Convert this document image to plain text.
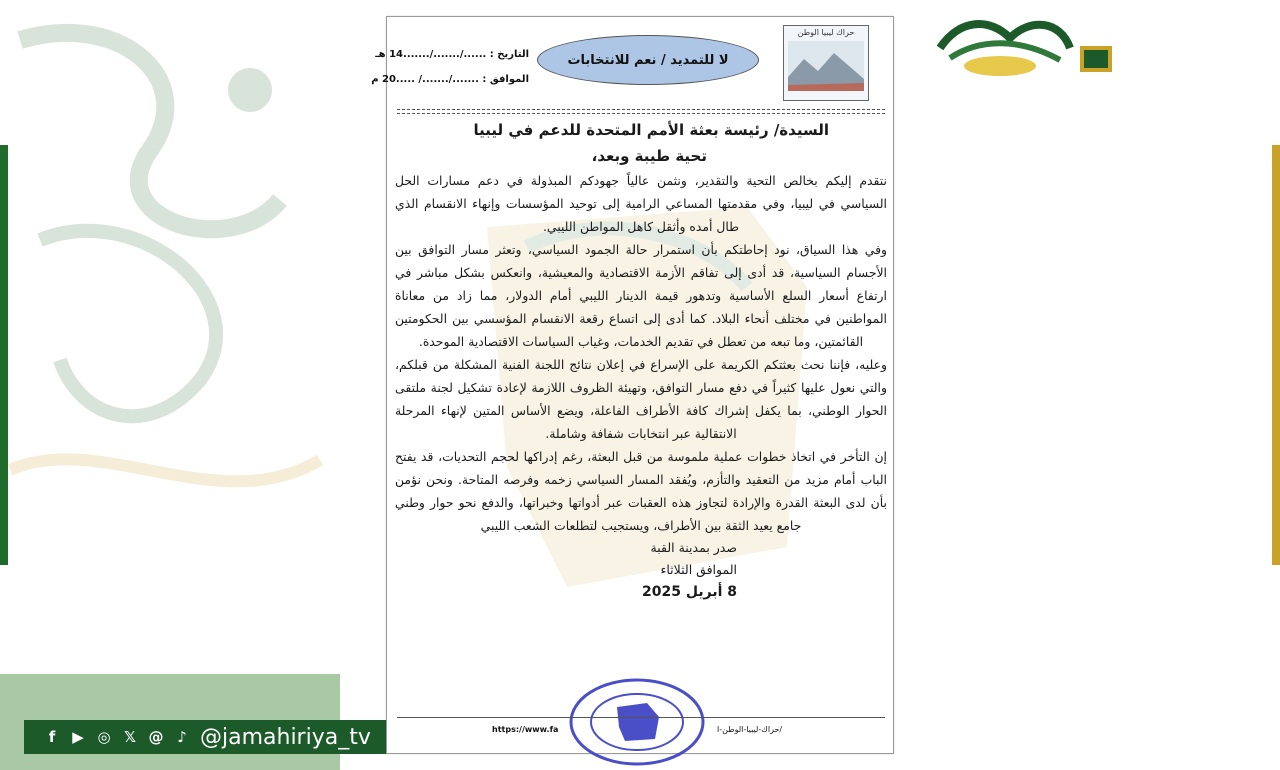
f	▶ ◎ 𝕏 @ ♪ @jamahiriya_tv
التاريخ : ....../......./.......14 هـ
الموافق : ......./......./ .....20 م
لا للتمديد / نعم للانتخابات
حراك ليبيا الوطن
السيدة/ رئيسة بعثة الأمم المتحدة للدعم في ليبيا
تحية طيبة وبعد،

نتقدم إليكم بخالص التحية والتقدير، ونثمن عالياً جهودكم المبذولة في دعم مسارات الحل السياسي في ليبيا، وفي مقدمتها المساعي الرامية إلى توحيد المؤسسات وإنهاء الانقسام الذي طال أمده وأثقل كاهل المواطن الليبي.

وفي هذا السياق، نود إحاطتكم بأن استمرار حالة الجمود السياسي، وتعثر مسار التوافق بين الأجسام السياسية، قد أدى إلى تفاقم الأزمة الاقتصادية والمعيشية، وانعكس بشكل مباشر في ارتفاع أسعار السلع الأساسية وتدهور قيمة الدينار الليبي أمام الدولار، مما زاد من معاناة المواطنين في مختلف أنحاء البلاد. كما أدى إلى اتساع رقعة الانقسام المؤسسي بين الحكومتين القائمتين، وما تبعه من تعطل في تقديم الخدمات، وغياب السياسات الاقتصادية الموحدة.

وعليه، فإننا نحث بعثتكم الكريمة على الإسراع في إعلان نتائج اللجنة الفنية المشكلة من قبلكم، والتي نعول عليها كثيراً في دفع مسار التوافق، وتهيئة الظروف اللازمة لإعادة تشكيل لجنة ملتقى الحوار الوطني، بما يكفل إشراك كافة الأطراف الفاعلة، ويضع الأساس المتين لإنهاء المرحلة الانتقالية عبر انتخابات شفافة وشاملة.

إن التأخر في اتخاذ خطوات عملية ملموسة من قبل البعثة، رغم إدراكها لحجم التحديات، قد يفتح الباب أمام مزيد من التعقيد والتأزم، ويُفقد المسار السياسي زخمه وفرصه المتاحة. ونحن نؤمن بأن لدى البعثة القدرة والإرادة لتجاوز هذه العقبات عبر أدواتها وخبراتها، والدفع نحو حوار وطني جامع يعيد الثقة بين الأطراف، ويستجيب لتطلعات الشعب الليبي

صدر بمدينة القبة
الموافق الثلاثاء
8 أبريل 2025
https://www.fa	/حراك-ليبيا-الوطن-ا
